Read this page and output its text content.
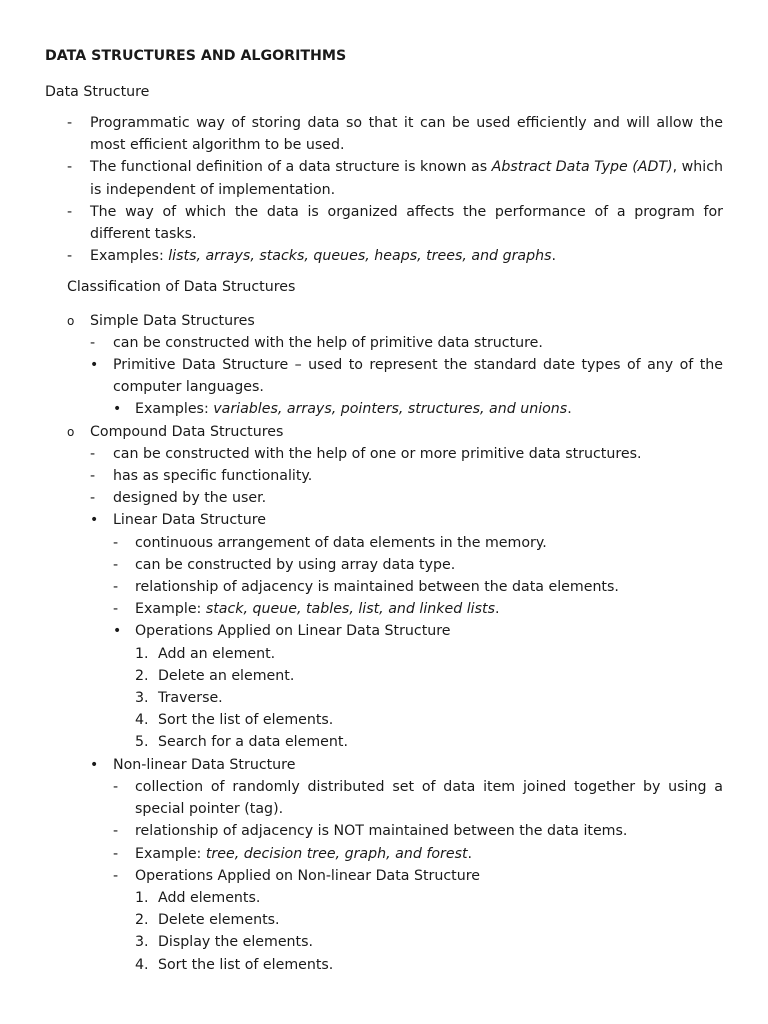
DATA STRUCTURES AND ALGORITHMS
Data Structure
- Programmatic way of storing data so that it can be used efficiently and will allow the most efficient algorithm to be used.
- The functional definition of a data structure is known as Abstract Data Type (ADT), which is independent of implementation.
- The way of which the data is organized affects the performance of a program for different tasks.
- Examples: lists, arrays, stacks, queues, heaps, trees, and graphs.
Classification of Data Structures
o Simple Data Structures
- can be constructed with the help of primitive data structure.
• Primitive Data Structure – used to represent the standard date types of any of the computer languages.
• Examples: variables, arrays, pointers, structures, and unions.
o Compound Data Structures
- can be constructed with the help of one or more primitive data structures.
- has as specific functionality.
- designed by the user.
• Linear Data Structure
- continuous arrangement of data elements in the memory.
- can be constructed by using array data type.
- relationship of adjacency is maintained between the data elements.
- Example: stack, queue, tables, list, and linked lists.
• Operations Applied on Linear Data Structure
1. Add an element.
2. Delete an element.
3. Traverse.
4. Sort the list of elements.
5. Search for a data element.
• Non-linear Data Structure
- collection of randomly distributed set of data item joined together by using a special pointer (tag).
- relationship of adjacency is NOT maintained between the data items.
- Example: tree, decision tree, graph, and forest.
- Operations Applied on Non-linear Data Structure
1. Add elements.
2. Delete elements.
3. Display the elements.
4. Sort the list of elements.
